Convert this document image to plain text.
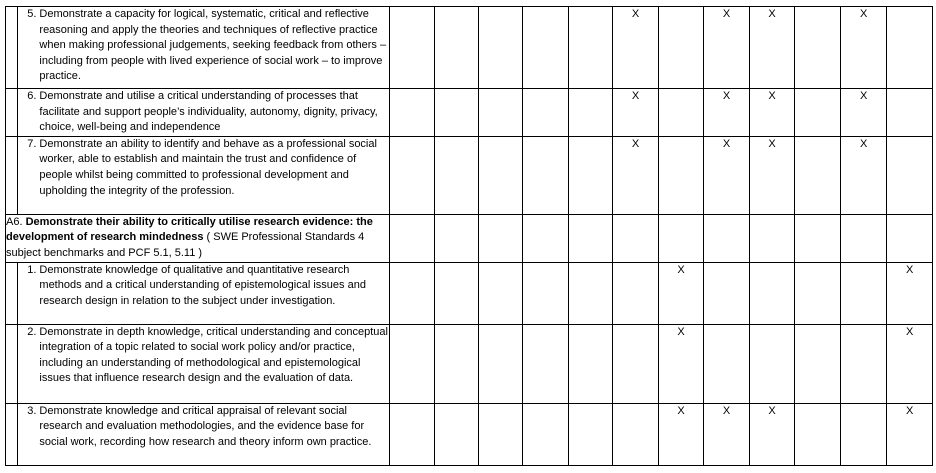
	5. Demonstrate a capacity for logical, systematic, critical and reflective reasoning and apply the theories and techniques of reflective practice when making professional judgements, seeking feedback from others – including from people with lived experience of social work – to improve practice.						X		X	X		X	

	6. Demonstrate and utilise a critical understanding of processes that facilitate and support people’s individuality, autonomy, dignity, privacy, choice, well-being and independence						X		X	X		X	

	7. Demonstrate an ability to identify and behave as a professional social worker, able to establish and maintain the trust and confidence of people whilst being committed to professional development and upholding the integrity of the profession.						X		X	X		X	
A6. Demonstrate their ability to critically utilise research evidence: the development of research mindedness ( SWE Professional Standards 4 subject benchmarks and PCF 5.1, 5.11 )													

	1. Demonstrate knowledge of qualitative and quantitative research methods and a critical understanding of epistemological issues and research design in relation to the subject under investigation.							X					X

	2. Demonstrate in depth knowledge, critical understanding and conceptual integration of a topic related to social work policy and/or practice, including an understanding of methodological and epistemological issues that influence research design and the evaluation of data.							X					X

	3. Demonstrate knowledge and critical appraisal of relevant social research and evaluation methodologies, and the evidence base for social work, recording how research and theory inform own practice.							X	X	X			X
